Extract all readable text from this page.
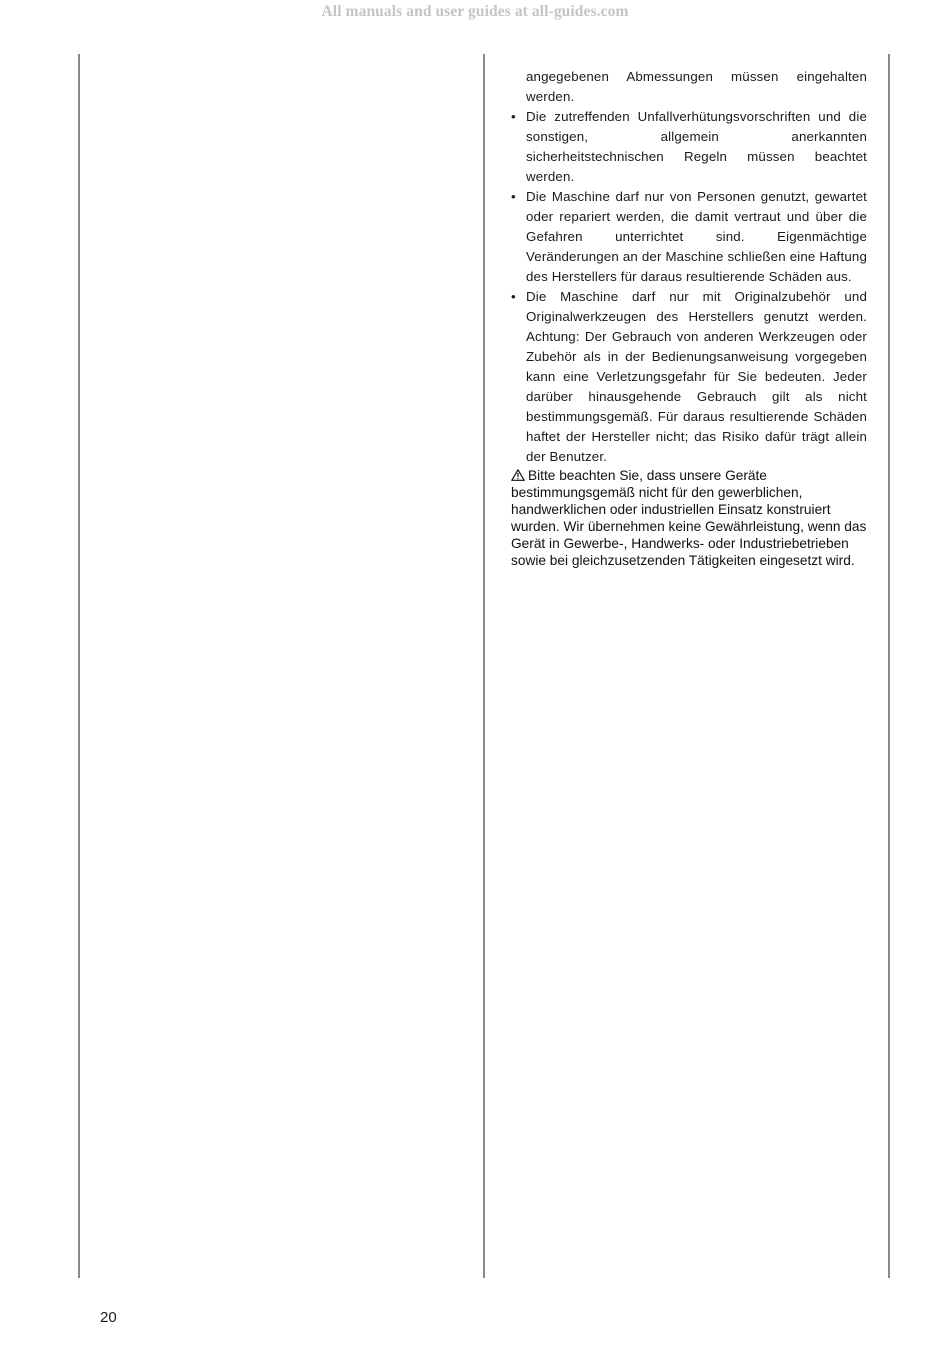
All manuals and user guides at all-guides.com

angegebenen Abmessungen müssen eingehalten werden.

• Die zutreffenden Unfallverhütungsvorschriften und die sonstigen, allgemein anerkannten sicherheitstechnischen Regeln müssen beachtet werden.
• Die Maschine darf nur von Personen genutzt, gewartet oder repariert werden, die damit vertraut und über die Gefahren unterrichtet sind. Eigenmächtige Veränderungen an der Maschine schließen eine Haftung des Herstellers für daraus resultierende Schäden aus.
• Die Maschine darf nur mit Originalzubehör und Originalwerkzeugen des Herstellers genutzt werden. Achtung: Der Gebrauch von anderen Werkzeugen oder Zubehör als in der Bedienungsanweisung vorgegeben kann eine Verletzungsgefahr für Sie bedeuten. Jeder darüber hinausgehende Gebrauch gilt als nicht bestimmungsgemäß. Für daraus resultierende Schäden haftet der Hersteller nicht; das Risiko dafür trägt allein der Benutzer.

Bitte beachten Sie, dass unsere Geräte bestimmungsgemäß nicht für den gewerblichen, handwerklichen oder industriellen Einsatz konstruiert wurden. Wir übernehmen keine Gewährleistung, wenn das Gerät in Gewerbe-, Handwerks- oder Industriebetrieben sowie bei gleichzusetzenden Tätigkeiten eingesetzt wird.

20
